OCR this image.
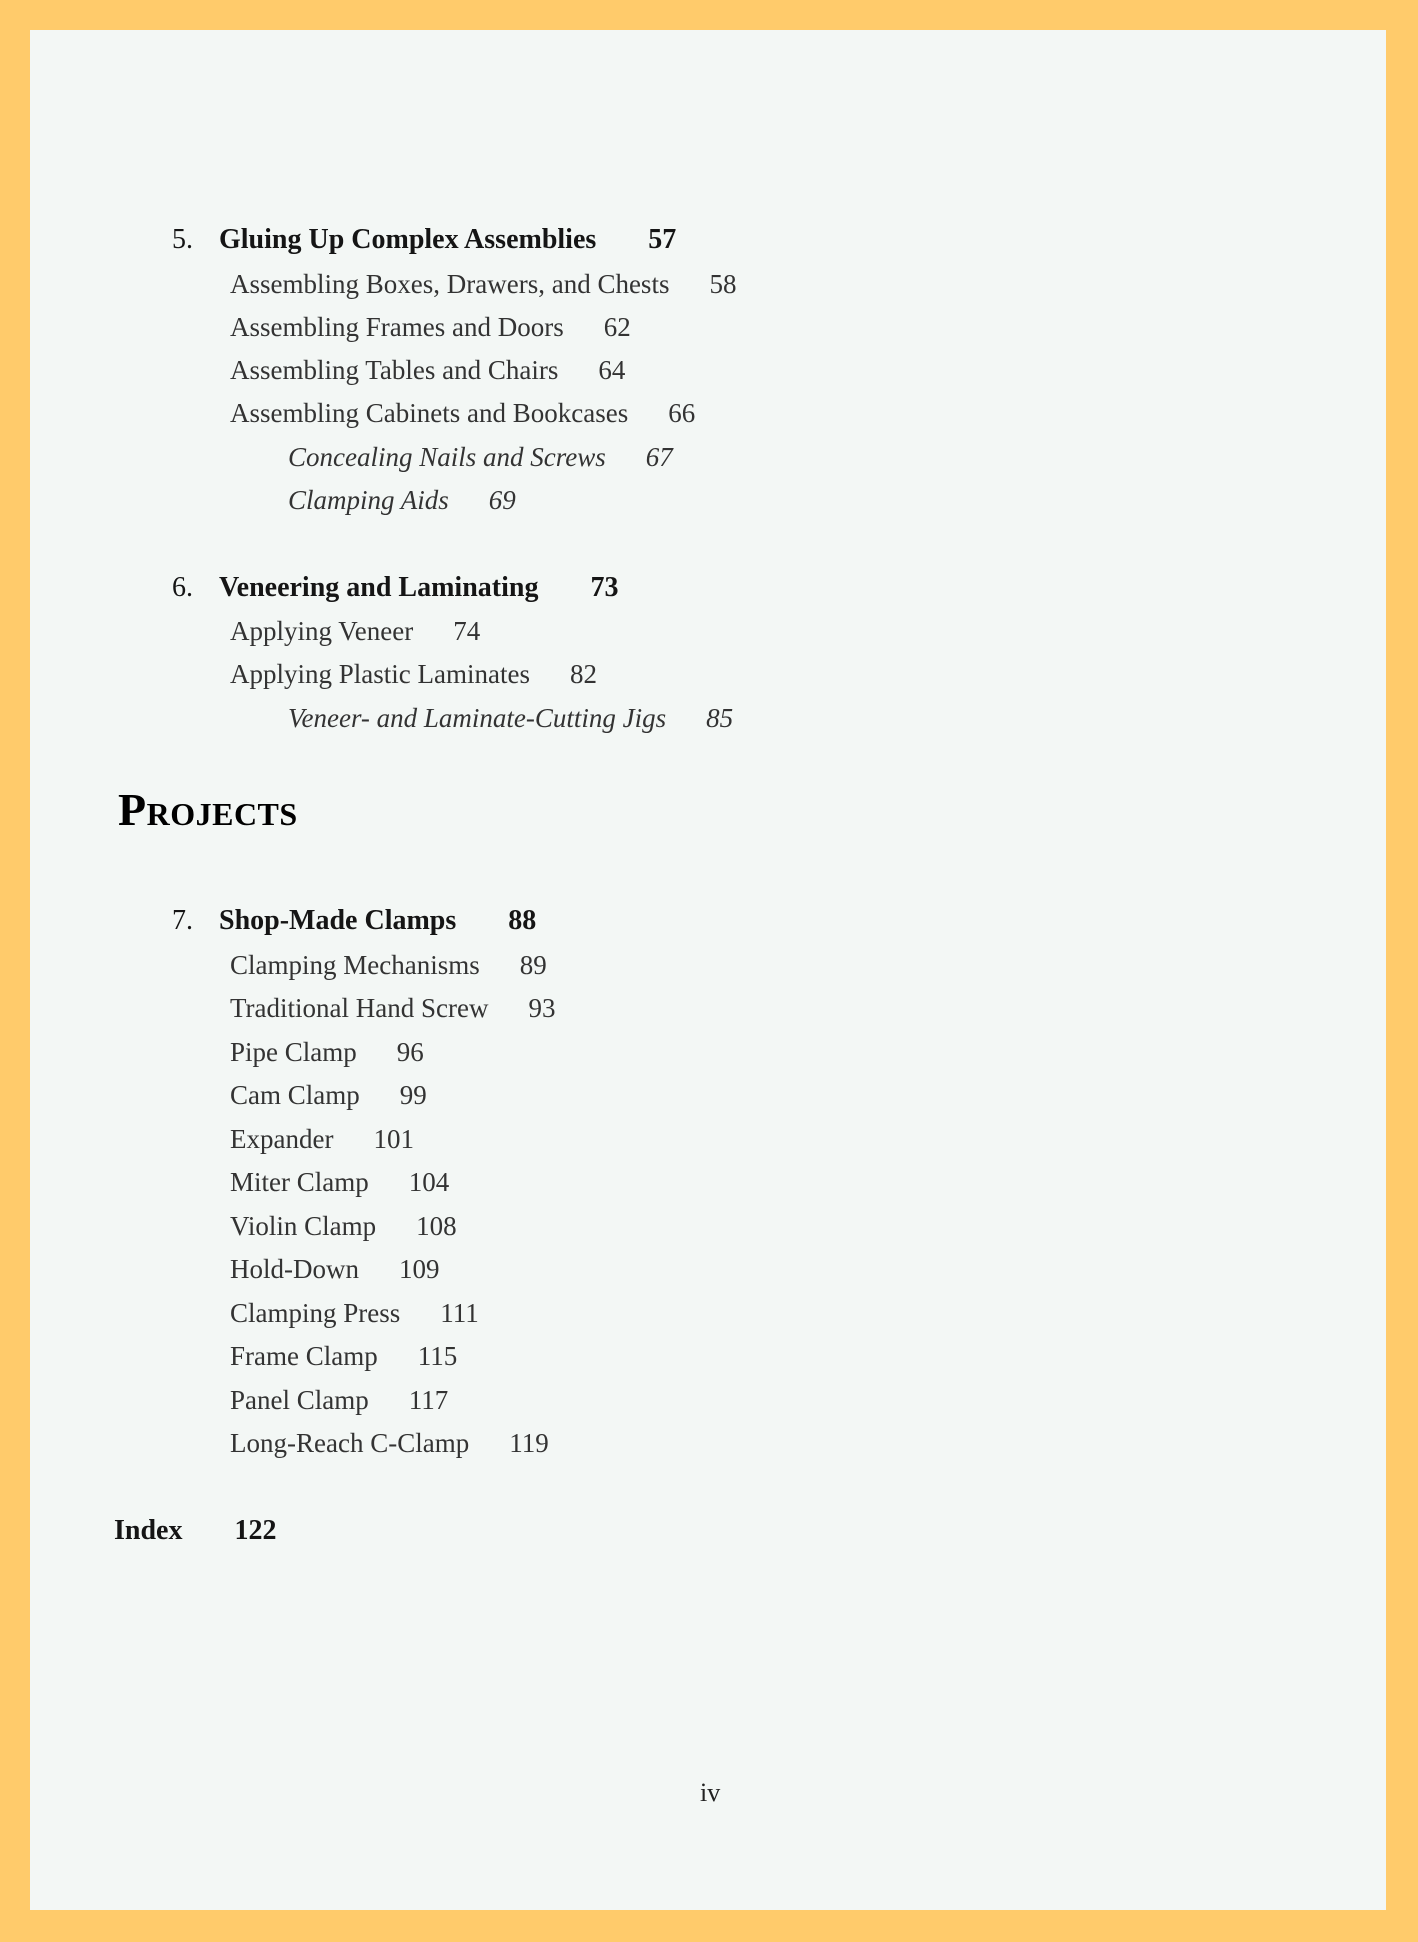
5. Gluing Up Complex Assemblies 57
Assembling Boxes, Drawers, and Chests 58
Assembling Frames and Doors 62
Assembling Tables and Chairs 64
Assembling Cabinets and Bookcases 66
Concealing Nails and Screws 67
Clamping Aids 69
6. Veneering and Laminating 73
Applying Veneer 74
Applying Plastic Laminates 82
Veneer- and Laminate-Cutting Jigs 85
Projects
7. Shop-Made Clamps 88
Clamping Mechanisms 89
Traditional Hand Screw 93
Pipe Clamp 96
Cam Clamp 99
Expander 101
Miter Clamp 104
Violin Clamp 108
Hold-Down 109
Clamping Press 111
Frame Clamp 115
Panel Clamp 117
Long-Reach C-Clamp 119
Index 122
iv
